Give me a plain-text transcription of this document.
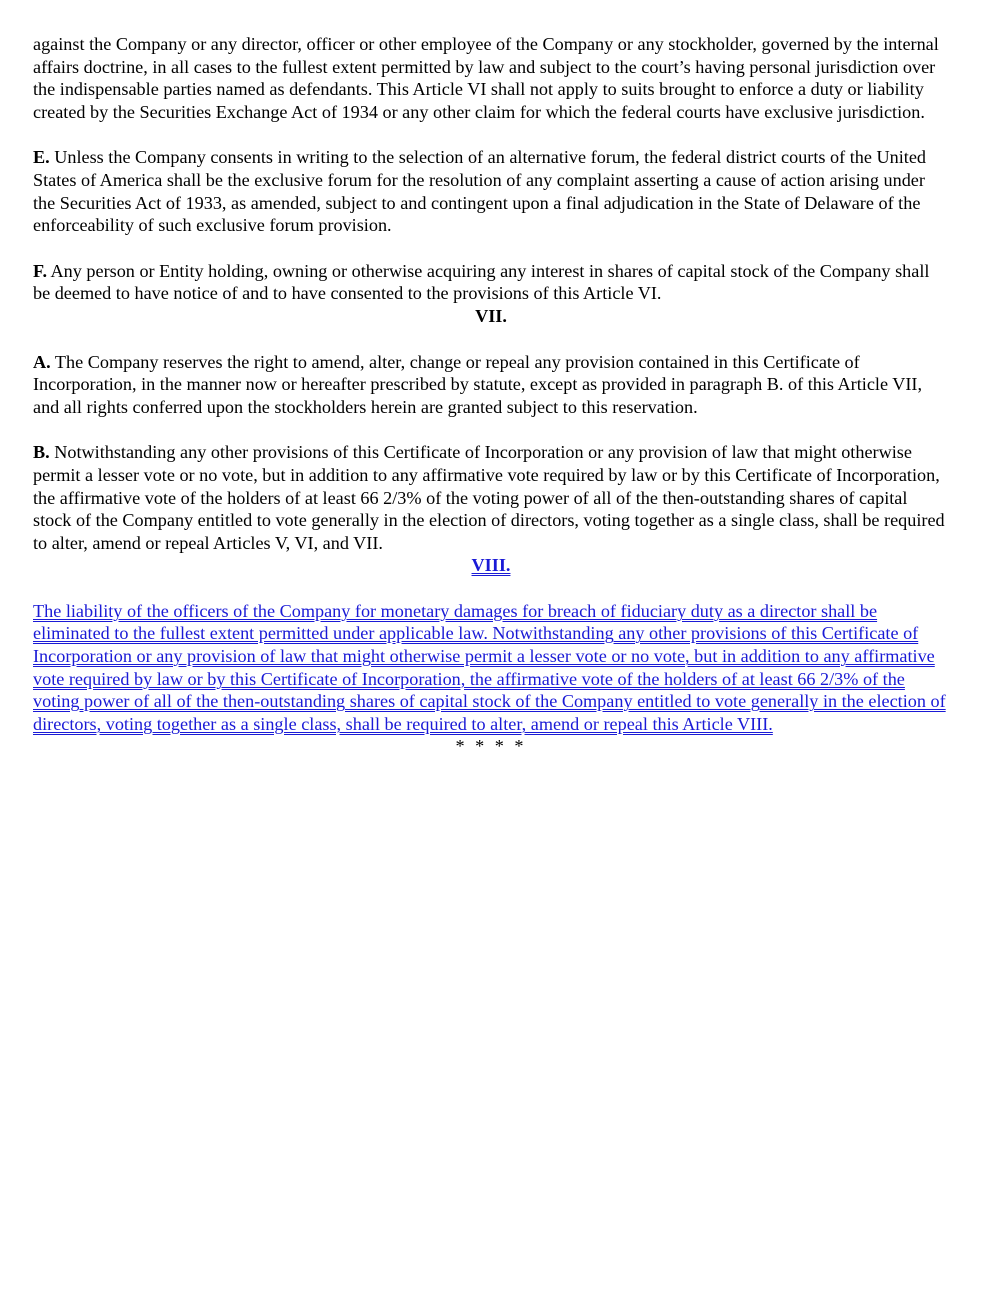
against the Company or any director, officer or other employee of the Company or any stockholder, governed by the internal affairs doctrine, in all cases to the fullest extent permitted by law and subject to the court’s having personal jurisdiction over the indispensable parties named as defendants. This Article VI shall not apply to suits brought to enforce a duty or liability created by the Securities Exchange Act of 1934 or any other claim for which the federal courts have exclusive jurisdiction.

E. Unless the Company consents in writing to the selection of an alternative forum, the federal district courts of the United States of America shall be the exclusive forum for the resolution of any complaint asserting a cause of action arising under the Securities Act of 1933, as amended, subject to and contingent upon a final adjudication in the State of Delaware of the enforceability of such exclusive forum provision.

F. Any person or Entity holding, owning or otherwise acquiring any interest in shares of capital stock of the Company shall be deemed to have notice of and to have consented to the provisions of this Article VI.

VII.

A. The Company reserves the right to amend, alter, change or repeal any provision contained in this Certificate of Incorporation, in the manner now or hereafter prescribed by statute, except as provided in paragraph B. of this Article VII, and all rights conferred upon the stockholders herein are granted subject to this reservation.

B. Notwithstanding any other provisions of this Certificate of Incorporation or any provision of law that might otherwise permit a lesser vote or no vote, but in addition to any affirmative vote required by law or by this Certificate of Incorporation, the affirmative vote of the holders of at least 66 2/3% of the voting power of all of the then-outstanding shares of capital stock of the Company entitled to vote generally in the election of directors, voting together as a single class, shall be required to alter, amend or repeal Articles V, VI, and VII.

VIII.

The liability of the officers of the Company for monetary damages for breach of fiduciary duty as a director shall be eliminated to the fullest extent permitted under applicable law. Notwithstanding any other provisions of this Certificate of Incorporation or any provision of law that might otherwise permit a lesser vote or no vote, but in addition to any affirmative vote required by law or by this Certificate of Incorporation, the affirmative vote of the holders of at least 66 2/3% of the voting power of all of the then-outstanding shares of capital stock of the Company entitled to vote generally in the election of directors, voting together as a single class, shall be required to alter, amend or repeal this Article VIII.

* * * *
